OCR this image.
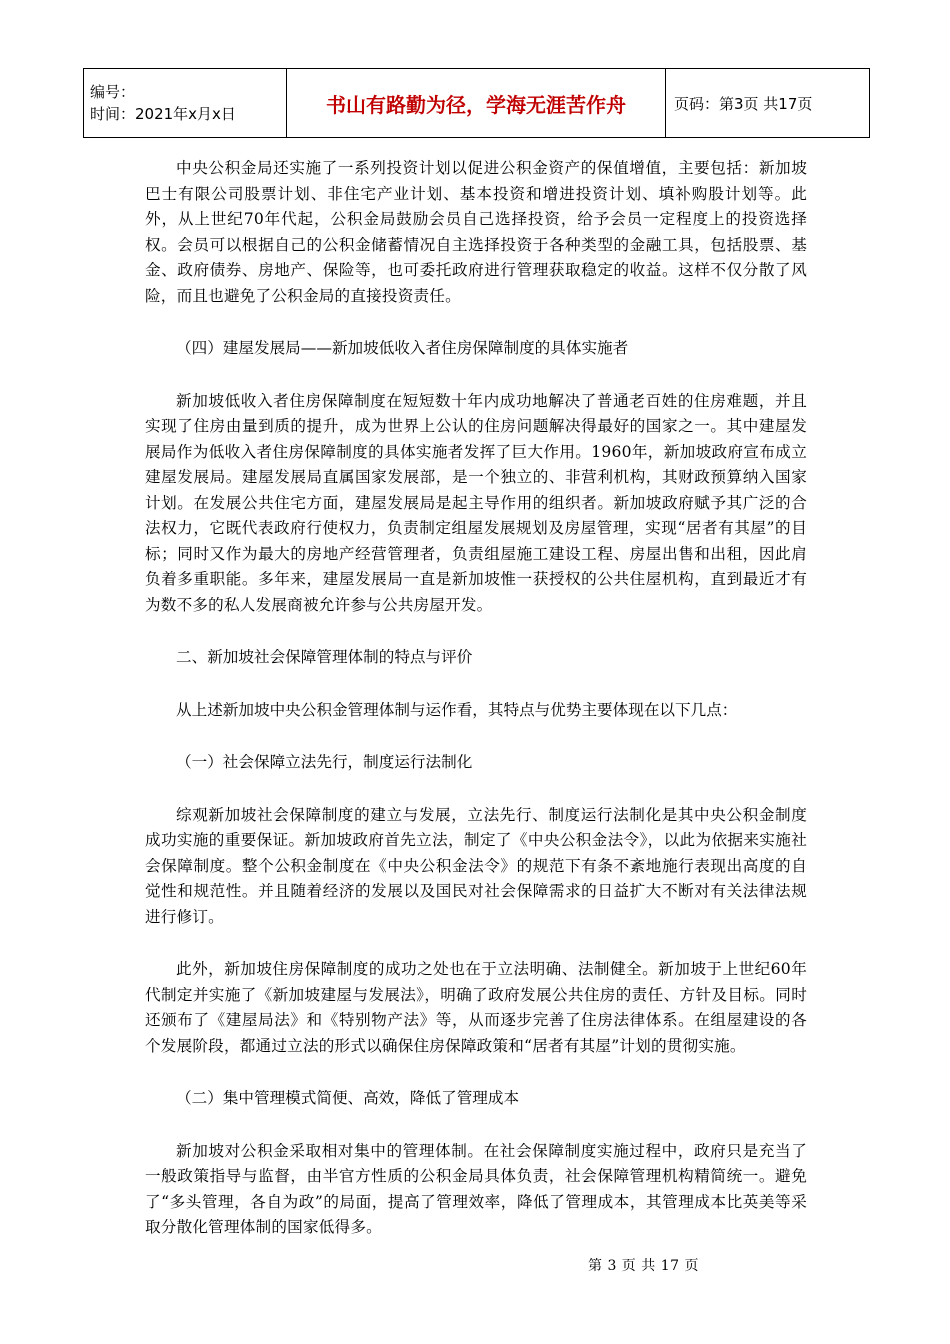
编号：
时间：2021年x月x日	书山有路勤为径，学海无涯苦作舟	页码：第3页 共17页

中央公积金局还实施了一系列投资计划以促进公积金资产的保值增值，主要包括：新加坡巴士有限公司股票计划、非住宅产业计划、基本投资和增进投资计划、填补购股计划等。此外，从上世纪70年代起，公积金局鼓励会员自己选择投资，给予会员一定程度上的投资选择权。会员可以根据自己的公积金储蓄情况自主选择投资于各种类型的金融工具，包括股票、基金、政府债券、房地产、保险等，也可委托政府进行管理获取稳定的收益。这样不仅分散了风险，而且也避免了公积金局的直接投资责任。

（四）建屋发展局——新加坡低收入者住房保障制度的具体实施者

新加坡低收入者住房保障制度在短短数十年内成功地解决了普通老百姓的住房难题，并且实现了住房由量到质的提升，成为世界上公认的住房问题解决得最好的国家之一。其中建屋发展局作为低收入者住房保障制度的具体实施者发挥了巨大作用。1960年，新加坡政府宣布成立建屋发展局。建屋发展局直属国家发展部，是一个独立的、非营利机构，其财政预算纳入国家计划。在发展公共住宅方面，建屋发展局是起主导作用的组织者。新加坡政府赋予其广泛的合法权力，它既代表政府行使权力，负责制定组屋发展规划及房屋管理，实现“居者有其屋”的目标；同时又作为最大的房地产经营管理者，负责组屋施工建设工程、房屋出售和出租，因此肩负着多重职能。多年来，建屋发展局一直是新加坡惟一获授权的公共住屋机构，直到最近才有为数不多的私人发展商被允许参与公共房屋开发。

二、新加坡社会保障管理体制的特点与评价

从上述新加坡中央公积金管理体制与运作看，其特点与优势主要体现在以下几点：

（一）社会保障立法先行，制度运行法制化

综观新加坡社会保障制度的建立与发展，立法先行、制度运行法制化是其中央公积金制度成功实施的重要保证。新加坡政府首先立法，制定了《中央公积金法令》，以此为依据来实施社会保障制度。整个公积金制度在《中央公积金法令》的规范下有条不紊地施行表现出高度的自觉性和规范性。并且随着经济的发展以及国民对社会保障需求的日益扩大不断对有关法律法规进行修订。

此外，新加坡住房保障制度的成功之处也在于立法明确、法制健全。新加坡于上世纪60年代制定并实施了《新加坡建屋与发展法》，明确了政府发展公共住房的责任、方针及目标。同时还颁布了《建屋局法》和《特别物产法》等，从而逐步完善了住房法律体系。在组屋建设的各个发展阶段，都通过立法的形式以确保住房保障政策和“居者有其屋”计划的贯彻实施。

（二）集中管理模式简便、高效，降低了管理成本

新加坡对公积金采取相对集中的管理体制。在社会保障制度实施过程中，政府只是充当了一般政策指导与监督，由半官方性质的公积金局具体负责，社会保障管理机构精简统一。避免了“多头管理，各自为政”的局面，提高了管理效率，降低了管理成本，其管理成本比英美等采取分散化管理体制的国家低得多。

第 3 页 共 17 页
